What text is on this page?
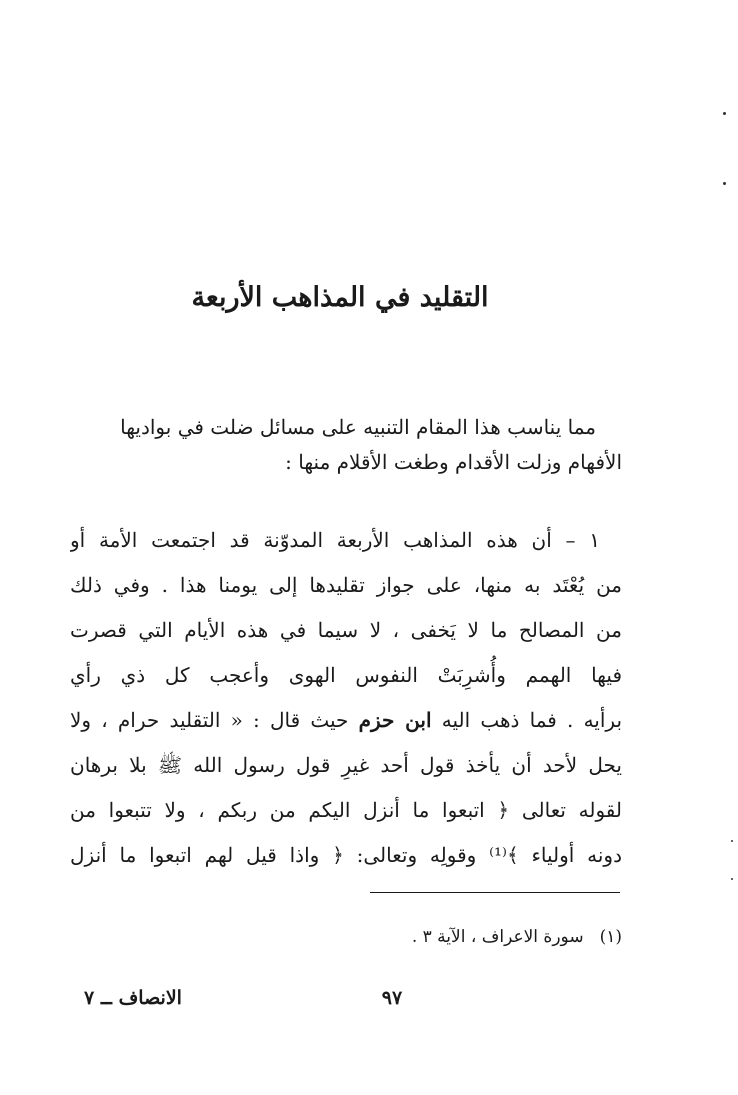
التقليد في المذاهب الأربعة
مما يناسب هذا المقام التنبيه على مسائل ضلت في بواديها
الأفهام وزلت الأقدام وطغت الأقلام منها :
١ – أن هذه المذاهب الأربعة المدوّنة قد اجتمعت الأمة أو
من يُعْتَد به منها، على جواز تقليدها إلى يومنا هذا . وفي ذلك
من المصالح ما لا يَخفى ، لا سيما في هذه الأيام التي قصرت
فيها الهمم وأُشرِبَتْ النفوس الهوى وأعجب كل ذي رأي
برأيه . فما ذهب اليه ابن حزم حيث قال : « التقليد حرام ، ولا
يحل لأحد أن يأخذ قول أحد غيرِ قول رسول الله ﷺ بلا برهان
لقوله تعالى ﴿ اتبعوا ما أنزل اليكم من ربكم ، ولا تتبعوا من
دونه أولياء ﴾⁽¹⁾ وقولِه وتعالى: ﴿ واذا قيل لهم اتبعوا ما أنزل
(١)سورة الاعراف ، الآية ٣ .
٩٧
الانصاف ــ ٧
